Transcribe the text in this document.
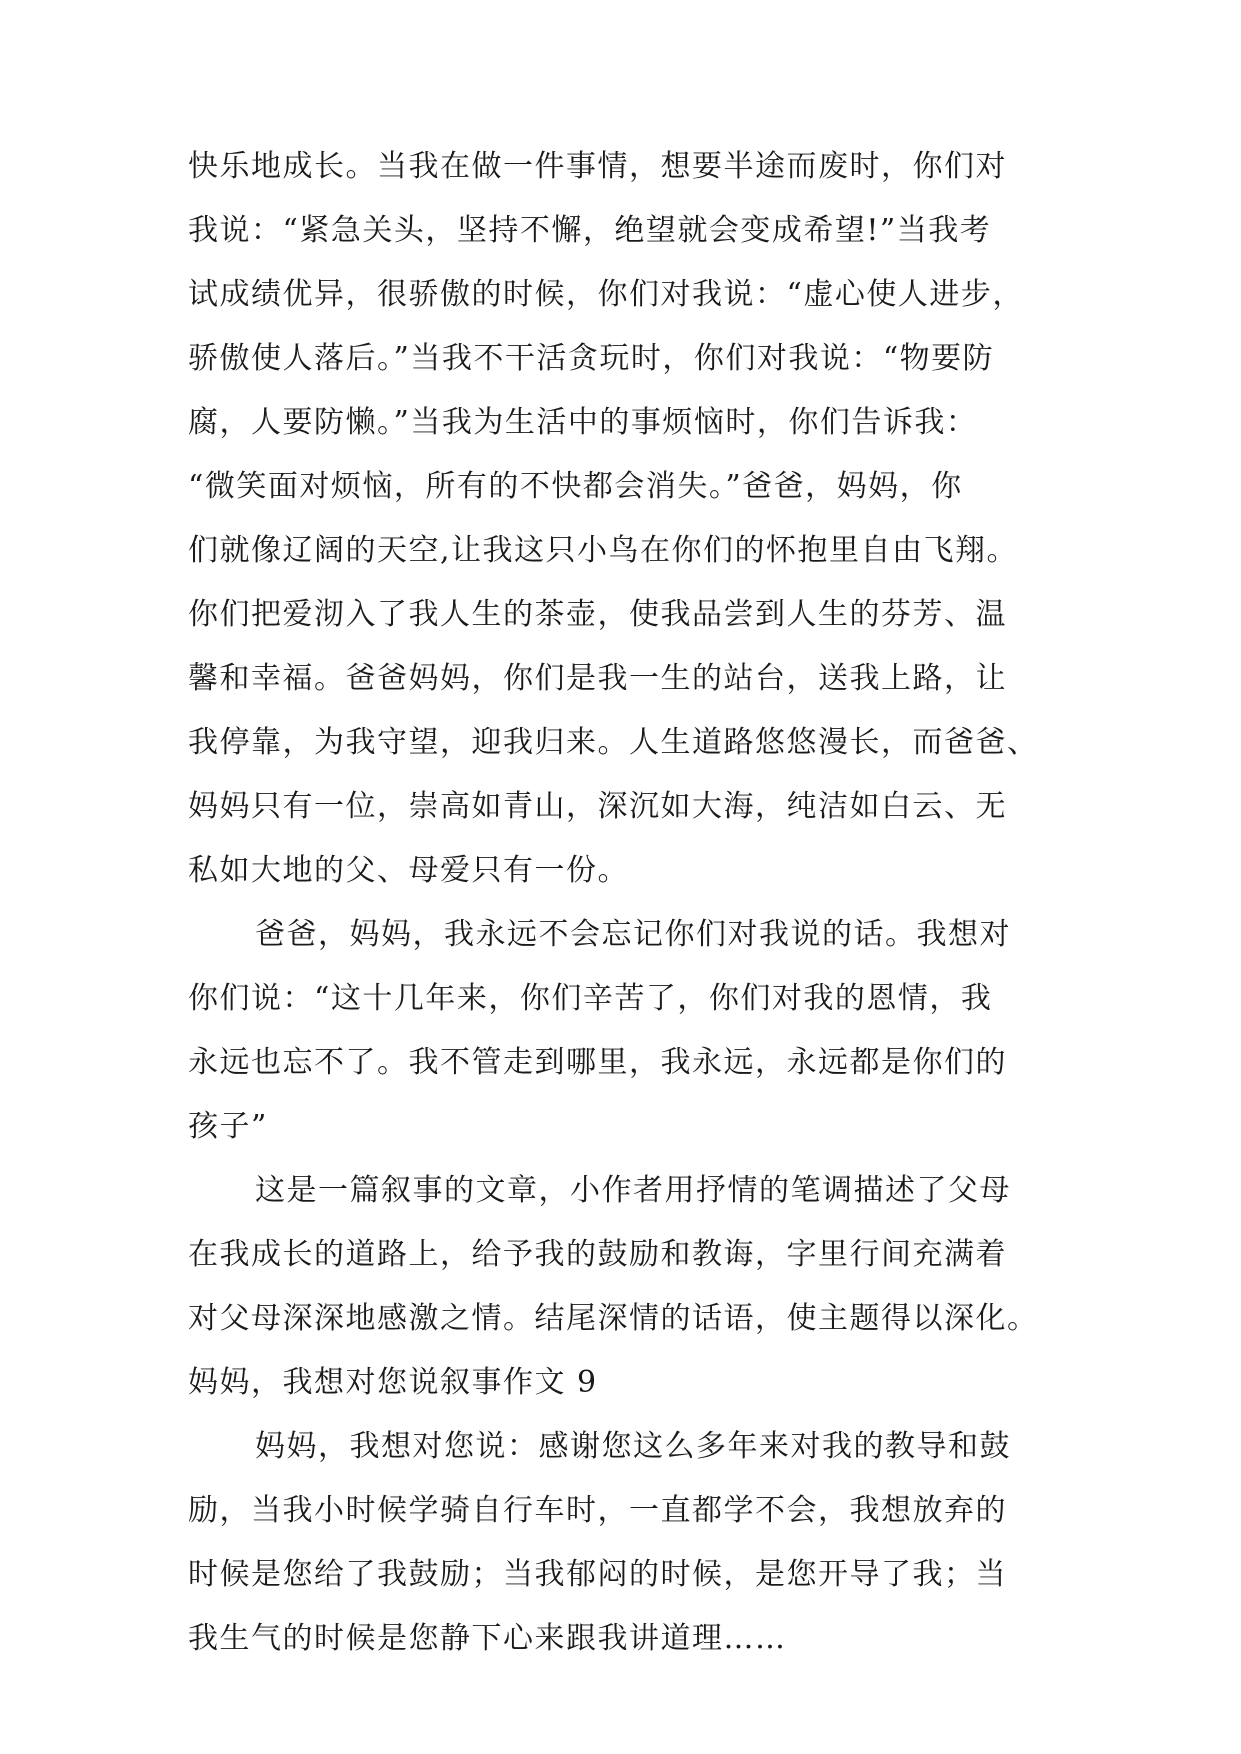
快乐地成长。当我在做一件事情，想要半途而废时，你们对
我说：“紧急关头，坚持不懈，绝望就会变成希望!”当我考
试成绩优异，很骄傲的时候，你们对我说：“虚心使人进步，
骄傲使人落后。”当我不干活贪玩时，你们对我说：“物要防
腐，人要防懒。”当我为生活中的事烦恼时，你们告诉我：
“微笑面对烦恼，所有的不快都会消失。”爸爸，妈妈，你
们就像辽阔的天空,让我这只小鸟在你们的怀抱里自由飞翔。
你们把爱沏入了我人生的茶壶，使我品尝到人生的芬芳、温
馨和幸福。爸爸妈妈，你们是我一生的站台，送我上路，让
我停靠，为我守望，迎我归来。人生道路悠悠漫长，而爸爸、
妈妈只有一位，崇高如青山，深沉如大海，纯洁如白云、无
私如大地的父、母爱只有一份。
爸爸，妈妈，我永远不会忘记你们对我说的话。我想对
你们说：“这十几年来，你们辛苦了，你们对我的恩情，我
永远也忘不了。我不管走到哪里，我永远，永远都是你们的
孩子”
这是一篇叙事的文章，小作者用抒情的笔调描述了父母
在我成长的道路上，给予我的鼓励和教诲，字里行间充满着
对父母深深地感激之情。结尾深情的话语，使主题得以深化。
妈妈，我想对您说叙事作文 9
妈妈，我想对您说：感谢您这么多年来对我的教导和鼓
励，当我小时候学骑自行车时，一直都学不会，我想放弃的
时候是您给了我鼓励；当我郁闷的时候，是您开导了我；当
我生气的时候是您静下心来跟我讲道理……
